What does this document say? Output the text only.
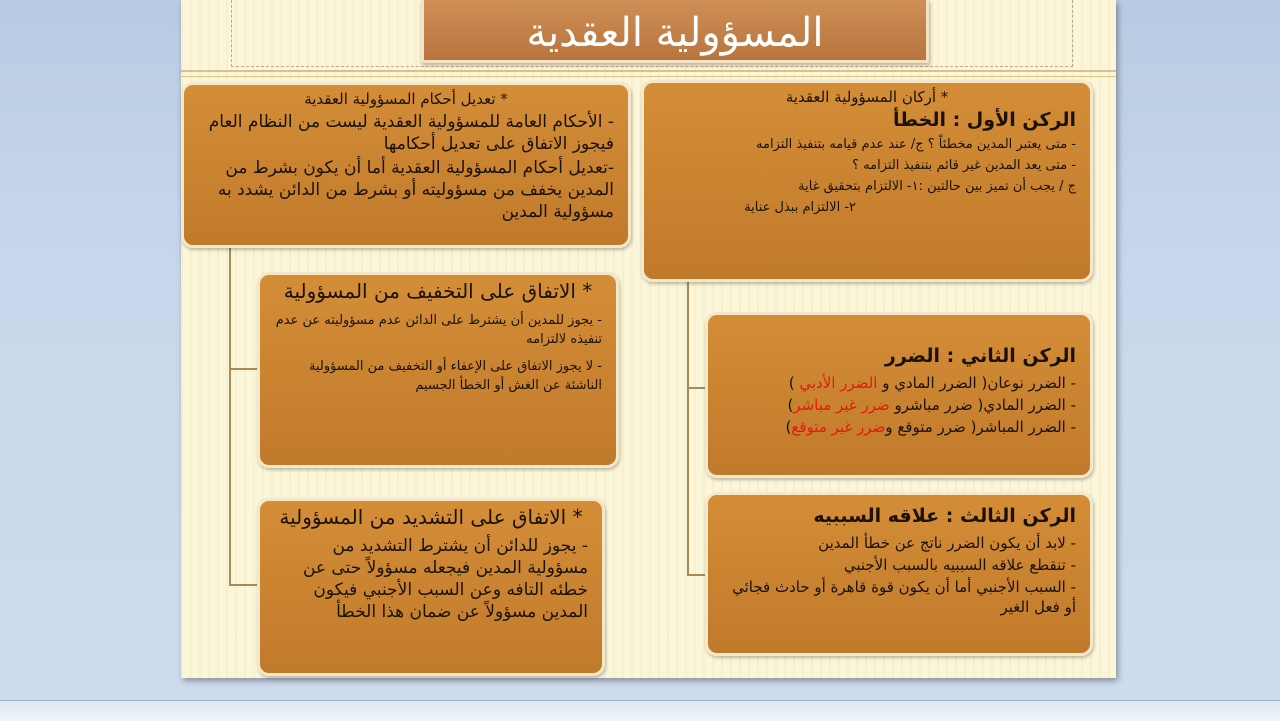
المسؤولية العقدية
* أركان المسؤولية العقدية
الركن الأول : الخطأ
- متى يعتبر المدين مخطئاً ؟ ج/ عند عدم قيامه بتنفيذ التزامه
- متى يعد المدين غير قائم بتنفيذ التزامه ؟
ج / يجب أن تميز بين حالتين :١- الالتزام بتحقيق غاية
٢- الالتزام ببذل عناية
* تعديل أحكام المسؤولية العقدية
- الأحكام العامة للمسؤولية العقدية ليست من النظام العام فيجوز الاتفاق على تعديل أحكامها
-تعديل أحكام المسؤولية العقدية أما أن يكون بشرط من المدين يخفف من مسؤوليته أو بشرط من الدائن يشدد به مسؤولية المدين
* الاتفاق على التخفيف من المسؤولية
- يجوز للمدين أن يشترط على الدائن عدم مسؤوليته عن عدم تنفيذه لالتزامه
- لا يجوز الاتفاق على الإعفاء أو التخفيف من المسؤولية الناشئة عن الغش أو الخطأ الجسيم
* الاتفاق على التشديد من المسؤولية
- يجوز للدائن أن يشترط التشديد من مسؤولية المدين فيجعله مسؤولاً حتى عن خطئه التافه وعن السبب الأجنبي فيكون المدين مسؤولاً عن ضمان هذا الخطأ
الركن الثاني : الضرر
- الضرر نوعان( الضرر المادي و الضرر الأدبي )
- الضرر المادي( ضرر مباشرو ضرر غير مباشر)
- الضرر المباشر( ضرر متوقع وضرر غير متوقع)
الركن الثالث : علاقه السببيه
- لابد أن يكون الضرر ناتج عن خطأ المدين
- تنقطع علاقه السببيه بالسبب الأجنبي
- السبب الأجنبي أما أن يكون قوة قاهرة أو حادث فجائي أو فعل الغير
